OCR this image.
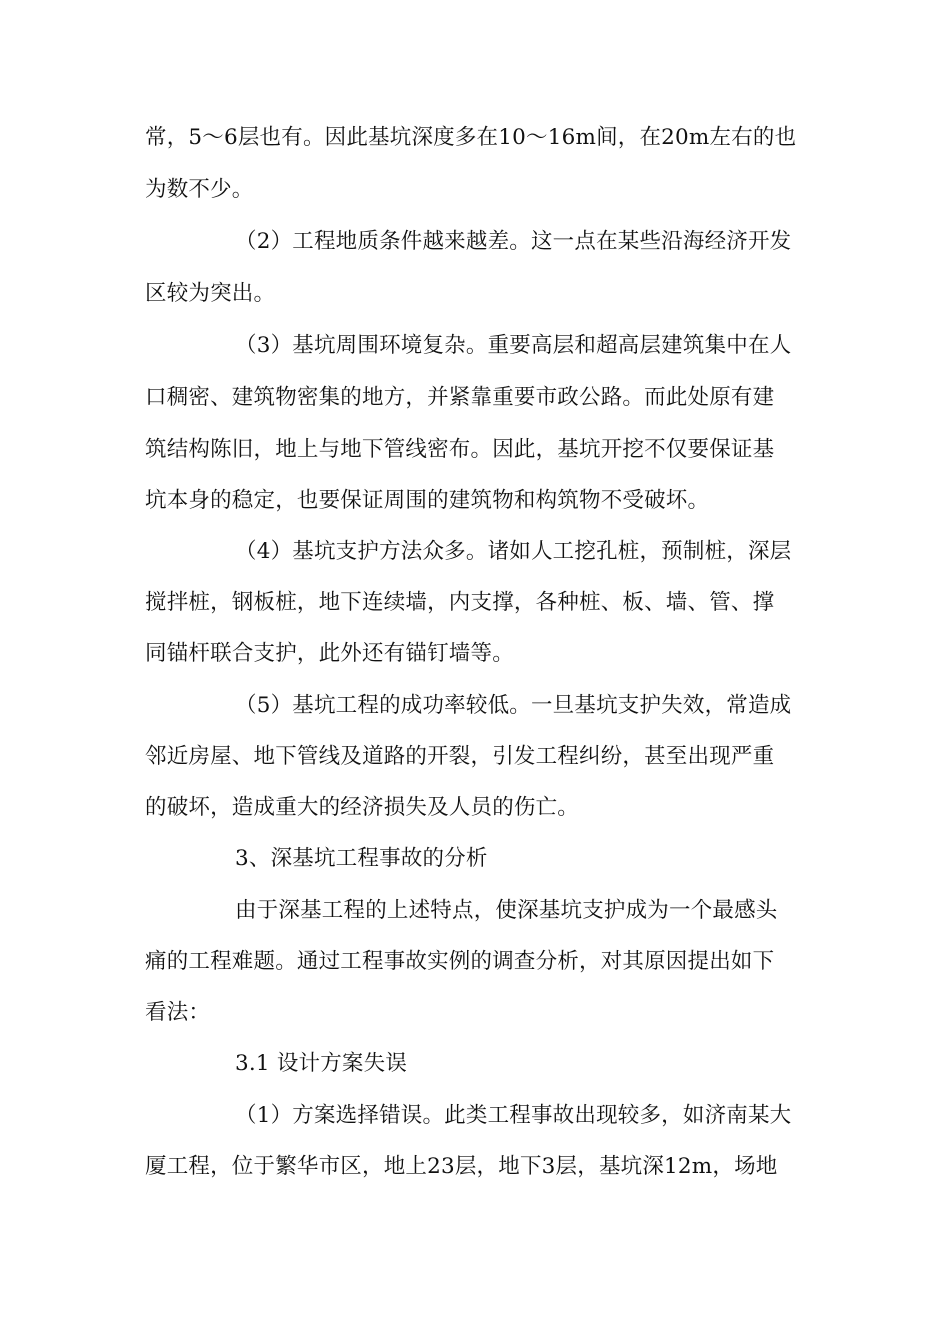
常，5～6层也有。因此基坑深度多在10～16m间，在20m左右的也
为数不少。
（2）工程地质条件越来越差。这一点在某些沿海经济开发
区较为突出。
（3）基坑周围环境复杂。重要高层和超高层建筑集中在人
口稠密、建筑物密集的地方，并紧靠重要市政公路。而此处原有建
筑结构陈旧，地上与地下管线密布。因此，基坑开挖不仅要保证基
坑本身的稳定，也要保证周围的建筑物和构筑物不受破坏。
（4）基坑支护方法众多。诸如人工挖孔桩，预制桩，深层
搅拌桩，钢板桩，地下连续墙，内支撑，各种桩、板、墙、管、撑
同锚杆联合支护，此外还有锚钉墙等。
（5）基坑工程的成功率较低。一旦基坑支护失效，常造成
邻近房屋、地下管线及道路的开裂，引发工程纠纷，甚至出现严重
的破坏，造成重大的经济损失及人员的伤亡。
3、深基坑工程事故的分析
由于深基工程的上述特点，使深基坑支护成为一个最感头
痛的工程难题。通过工程事故实例的调查分析，对其原因提出如下
看法：
3.1 设计方案失误
（1）方案选择错误。此类工程事故出现较多，如济南某大
厦工程，位于繁华市区，地上23层，地下3层，基坑深12m，场地
